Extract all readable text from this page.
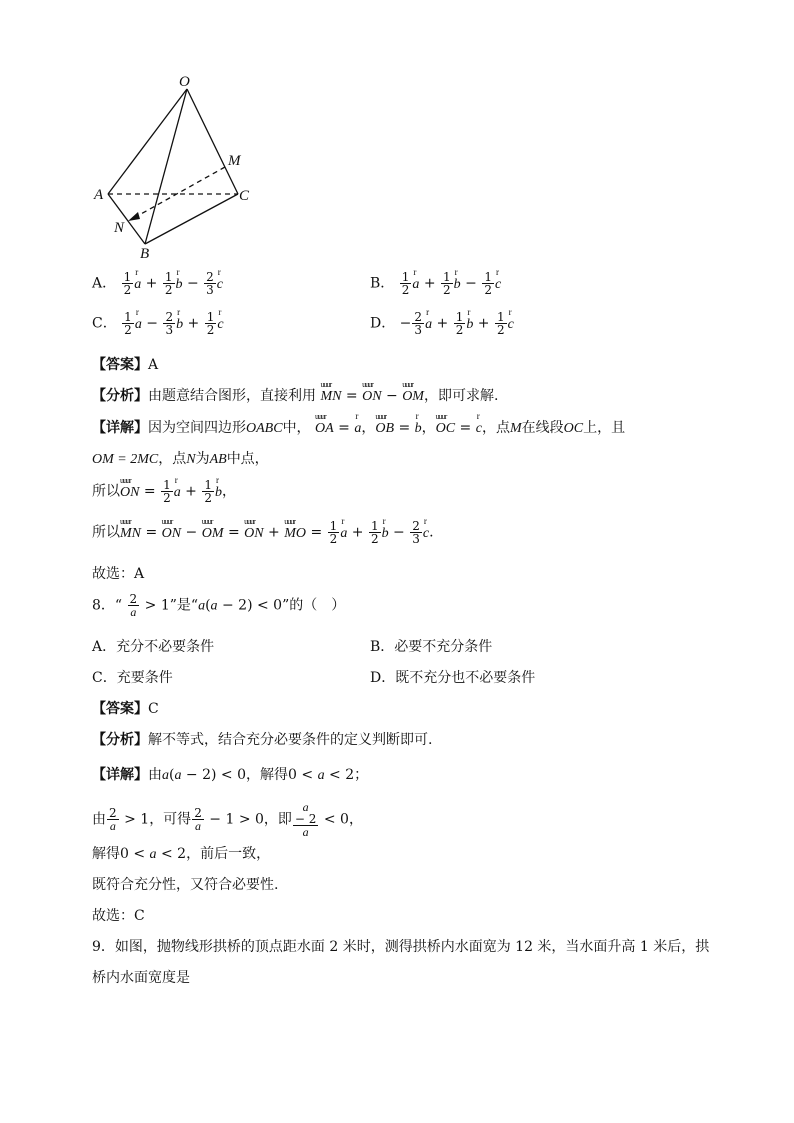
O
M
A	C
N
B
A． $\frac{1}{2}$ r $a + \frac{1}{2}$ r $b - \frac{2}{3}$ r c	B． $\frac{1}{2}$ r $a + \frac{1}{2}$ r $b - \frac{1}{2}$ r c
C． $\frac{1}{2}$ r $a - \frac{2}{3}$ r $b + \frac{1}{2}$ r c	D． − $\frac{2}{3}$ r $a + \frac{1}{2}$ r $b + \frac{1}{2}$ r c
【答案】A
【分析】由题意结合图形，直接利用 uuur MN = uuur ON − uuur OM，即可求解.
【详解】因为空间四边形OABC中， uuur OA = r a，uuur OB = r b，uuur OC = r c，点M在线段OC上，且
OM = 2MC，点N为AB中点，
所以uuur ON = $\frac{1}{2}$ r $a + \frac{1}{2}$ r b，
所以uuur MN = uuur ON − uuur OM = uuur ON + uuur MO = $\frac{1}{2}$ r $a + \frac{1}{2}$ r $b - \frac{2}{3}$ r c.
故选：A
8．“ $\frac{2}{a} > 1$”是“a(a − 2) < 0”的（　）
A．充分不必要条件	B．必要不充分条件
C．充要条件	D．既不充分也不必要条件
【答案】C
【分析】解不等式，结合充分必要条件的定义判断即可.
【详解】由a(a − 2) < 0，解得0 < a < 2；
由 $\frac{2}{a} > 1$，可得 $\frac{2}{a} - 1 > 0$，即 a
− 2
a < 0，
解得0 < a < 2，前后一致，
既符合充分性，又符合必要性.
故选：C
9．如图，抛物线形拱桥的顶点距水面 2 米时，测得拱桥内水面宽为 12 米，当水面升高 1 米后，拱
桥内水面宽度是
